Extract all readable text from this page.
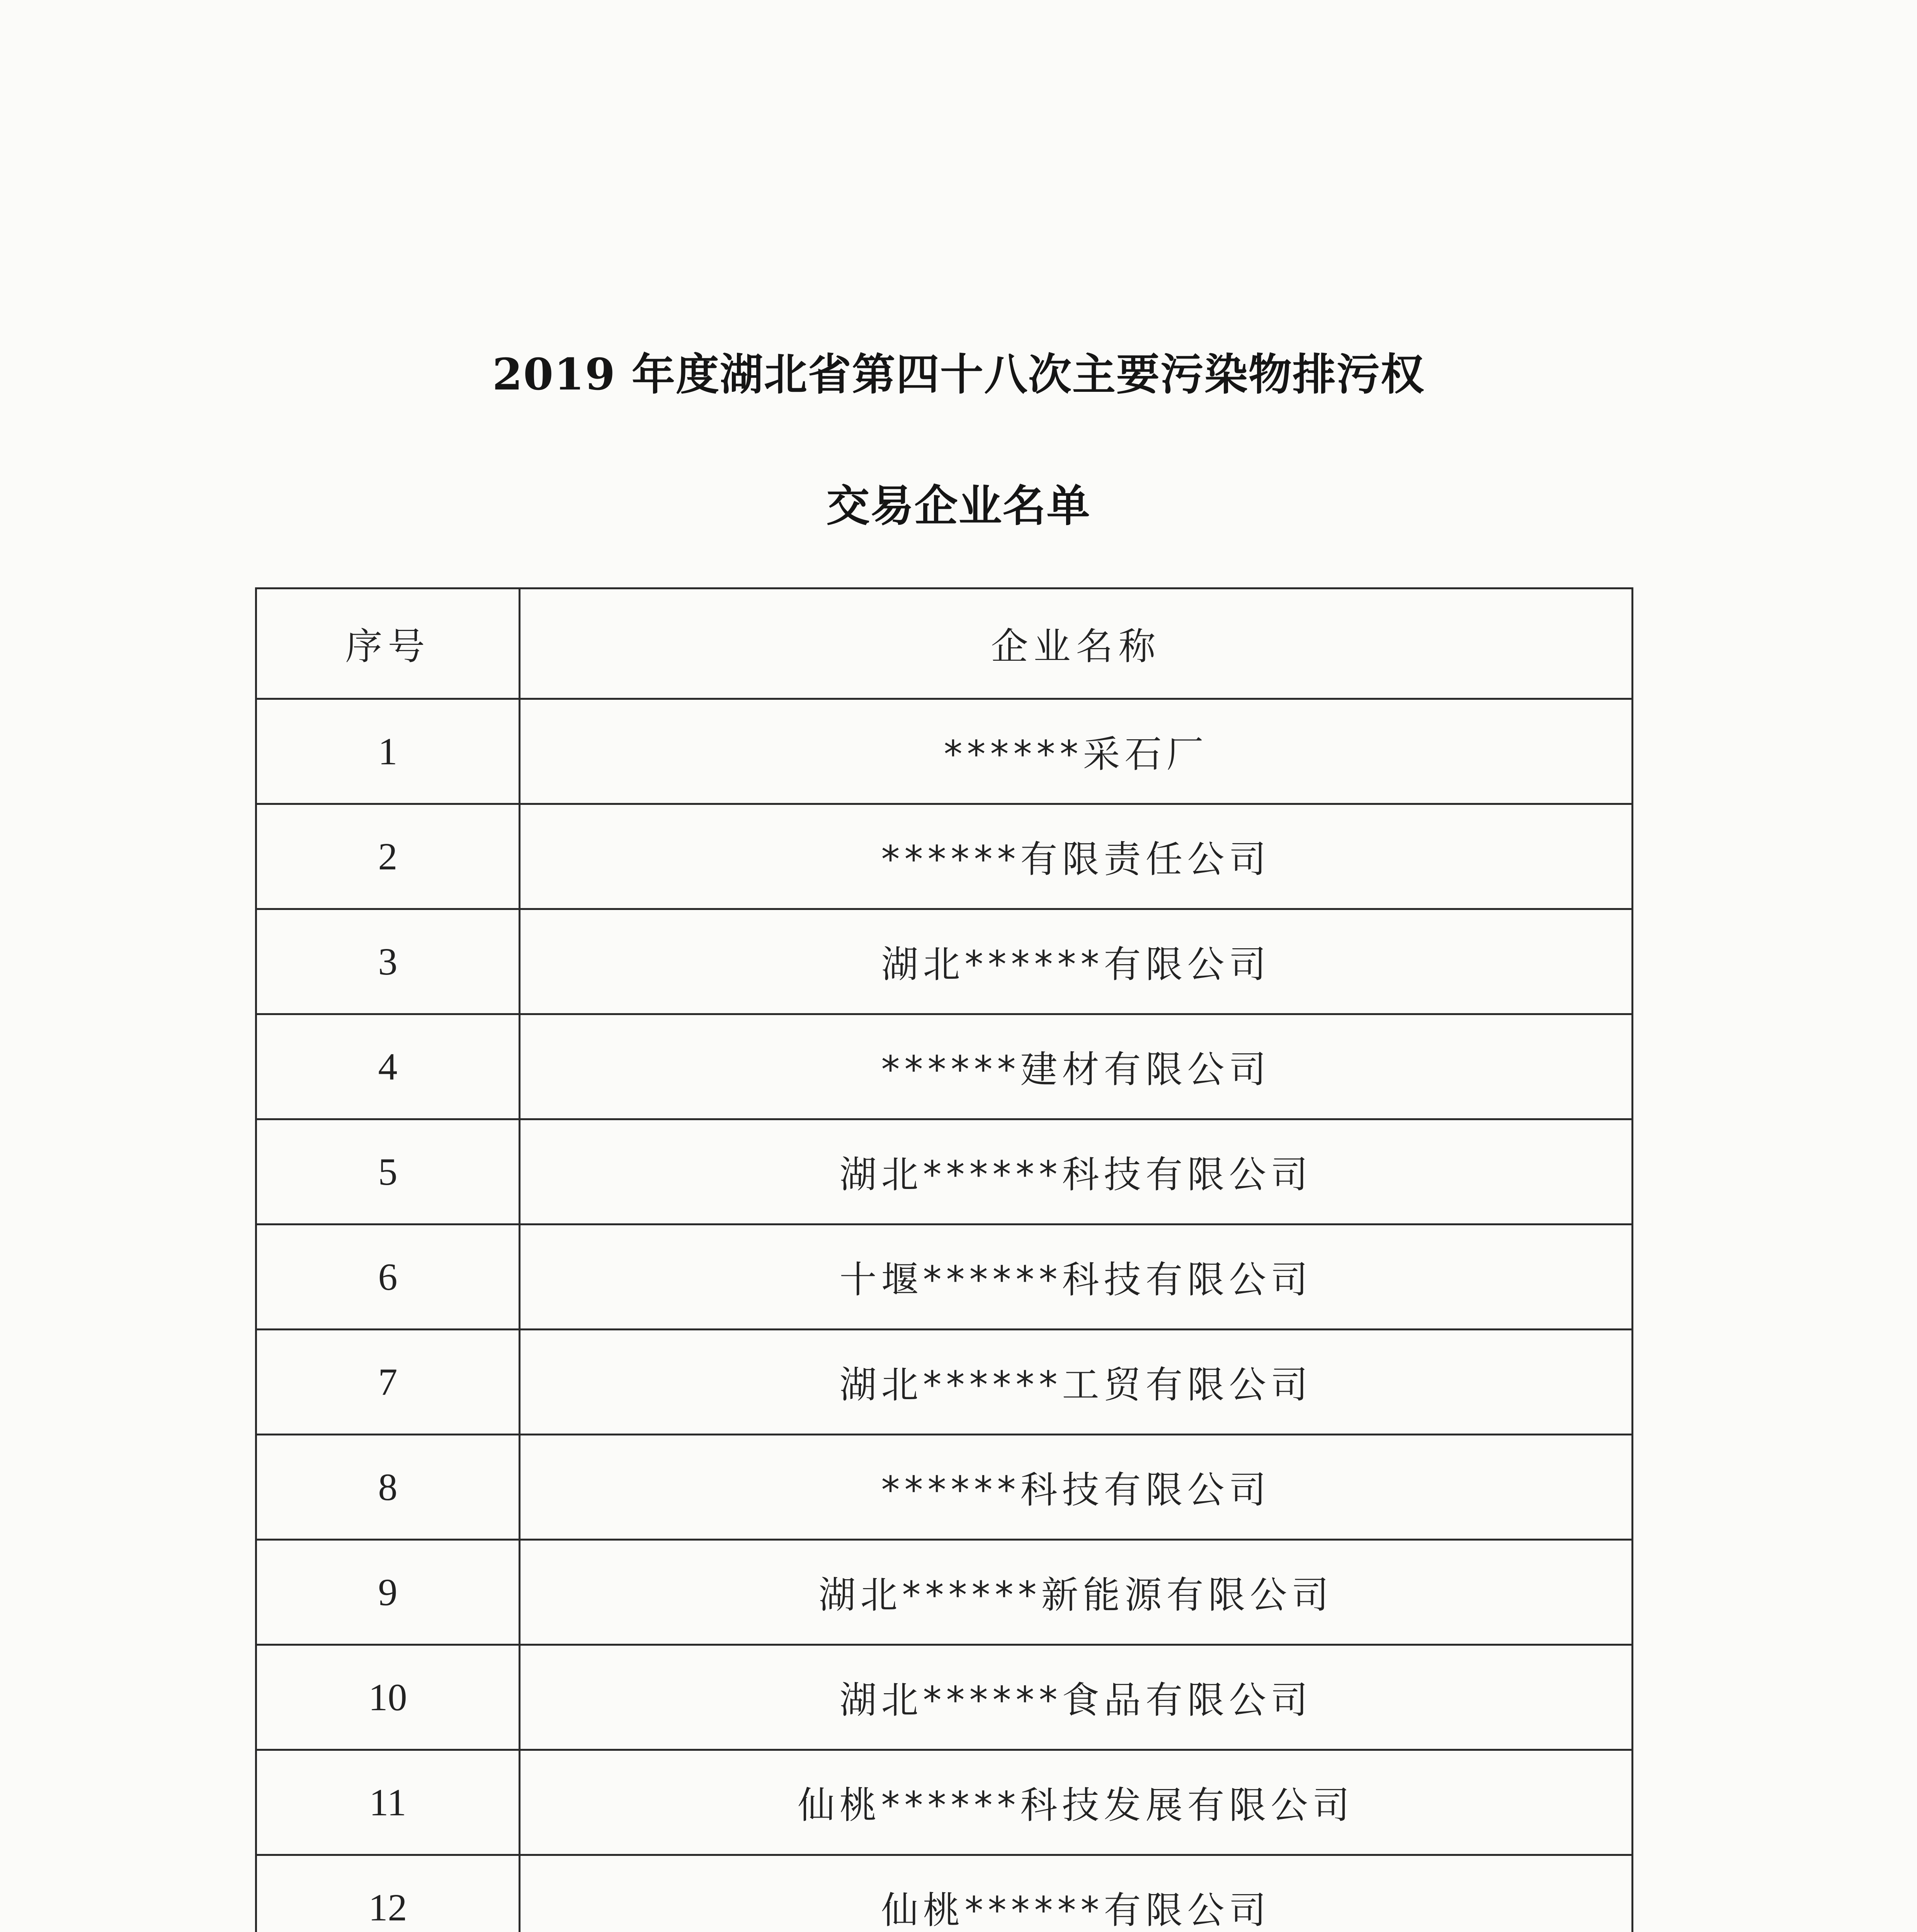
2019 年度湖北省第四十八次主要污染物排污权
交易企业名单
序号	企业名称
1	******采石厂
2	******有限责任公司
3	湖北******有限公司
4	******建材有限公司
5	湖北******科技有限公司
6	十堰******科技有限公司
7	湖北******工贸有限公司
8	******科技有限公司
9	湖北******新能源有限公司
10	湖北******食品有限公司
11	仙桃******科技发展有限公司
12	仙桃******有限公司
